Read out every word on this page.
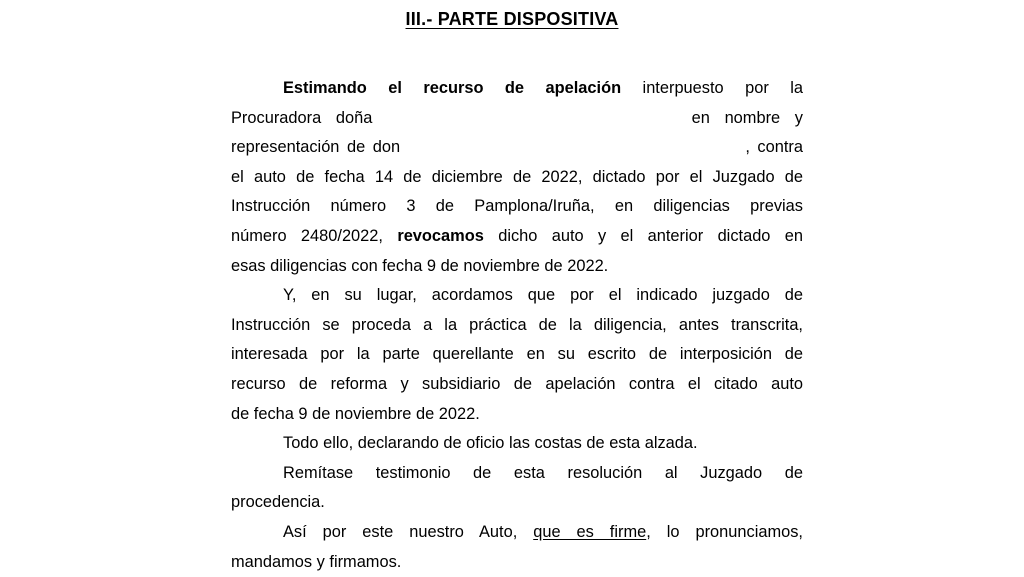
III.- PARTE DISPOSITIVA
Estimando el recurso de apelación interpuesto por la
Procuradora doña	en nombre y
representación de don	, contra
el auto de fecha 14 de diciembre de 2022, dictado por el Juzgado de
Instrucción número 3 de Pamplona/Iruña, en diligencias previas
número 2480/2022, revocamos dicho auto y el anterior dictado en
esas diligencias con fecha 9 de noviembre de 2022.
Y, en su lugar, acordamos que por el indicado juzgado de
Instrucción se proceda a la práctica de la diligencia, antes transcrita,
interesada por la parte querellante en su escrito de interposición de
recurso de reforma y subsidiario de apelación contra el citado auto
de fecha 9 de noviembre de 2022.
Todo ello, declarando de oficio las costas de esta alzada.
Remítase testimonio de esta resolución al Juzgado de
procedencia.
Así por este nuestro Auto, que es firme, lo pronunciamos,
mandamos y firmamos.
